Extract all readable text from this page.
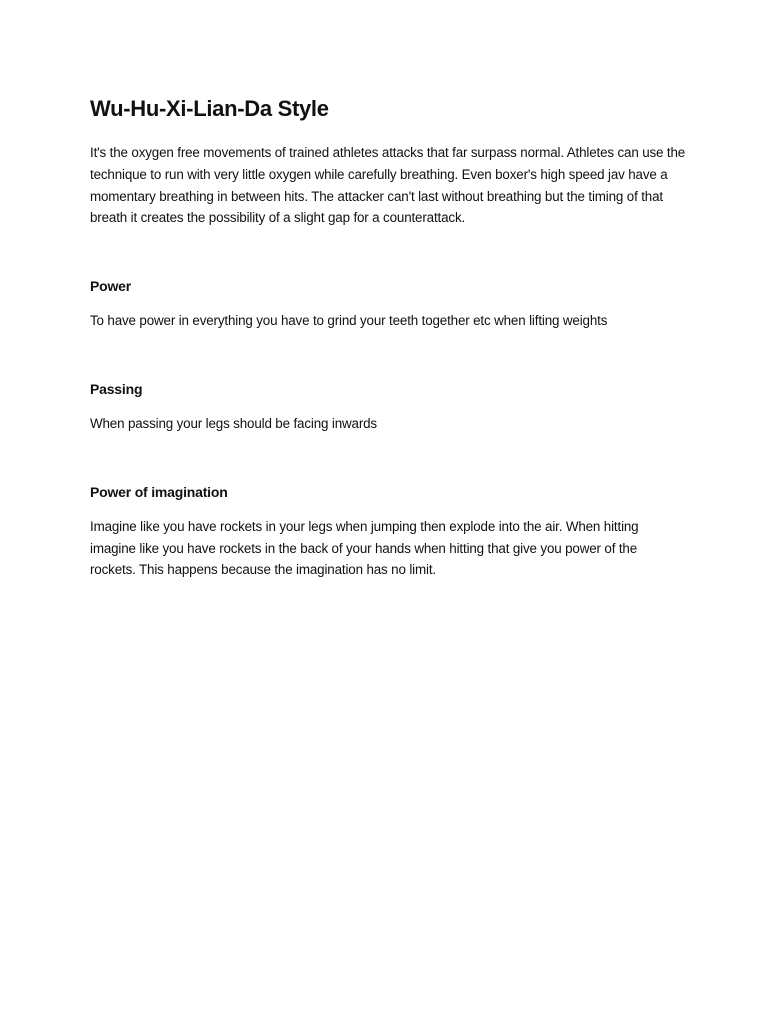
Wu-Hu-Xi-Lian-Da Style

It's the oxygen free movements of trained athletes attacks that far surpass normal. Athletes can use the technique to run with very little oxygen while carefully breathing. Even boxer's high speed jav have a momentary breathing in between hits. The attacker can't last without breathing but the timing of that breath it creates the possibility of a slight gap for a counterattack.

Power

To have power in everything you have to grind your teeth together etc when lifting weights

Passing

When passing your legs should be facing inwards

Power of imagination

Imagine like you have rockets in your legs when jumping then explode into the air. When hitting imagine like you have rockets in the back of your hands when hitting that give you power of the rockets. This happens because the imagination has no limit.
